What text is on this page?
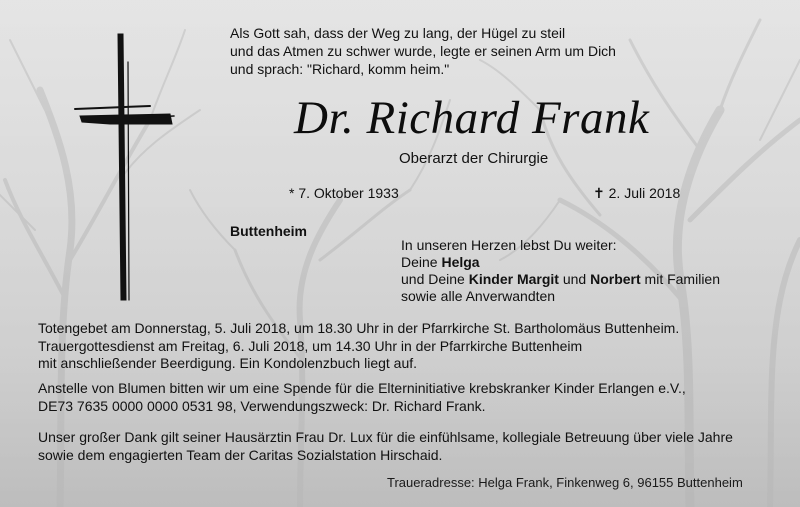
Als Gott sah, dass der Weg zu lang, der Hügel zu steil
und das Atmen zu schwer wurde, legte er seinen Arm um Dich
und sprach: "Richard, komm heim."
Dr. Richard Frank
Oberarzt der Chirurgie
* 7. Oktober 1933	✝ 2. Juli 2018
Buttenheim
In unseren Herzen lebst Du weiter:
Deine Helga
und Deine Kinder Margit und Norbert mit Familien
sowie alle Anverwandten
Totengebet am Donnerstag, 5. Juli 2018, um 18.30 Uhr in der Pfarrkirche St. Bartholomäus Buttenheim.
Trauergottesdienst am Freitag, 6. Juli 2018, um 14.30 Uhr in der Pfarrkirche Buttenheim
mit anschließender Beerdigung. Ein Kondolenzbuch liegt auf.
Anstelle von Blumen bitten wir um eine Spende für die Elterninitiative krebskranker Kinder Erlangen e.V.,
DE73 7635 0000 0000 0531 98, Verwendungszweck: Dr. Richard Frank.
Unser großer Dank gilt seiner Hausärztin Frau Dr. Lux für die einfühlsame, kollegiale Betreuung über viele Jahre
sowie dem engagierten Team der Caritas Sozialstation Hirschaid.
Traueradresse: Helga Frank, Finkenweg 6, 96155 Buttenheim
